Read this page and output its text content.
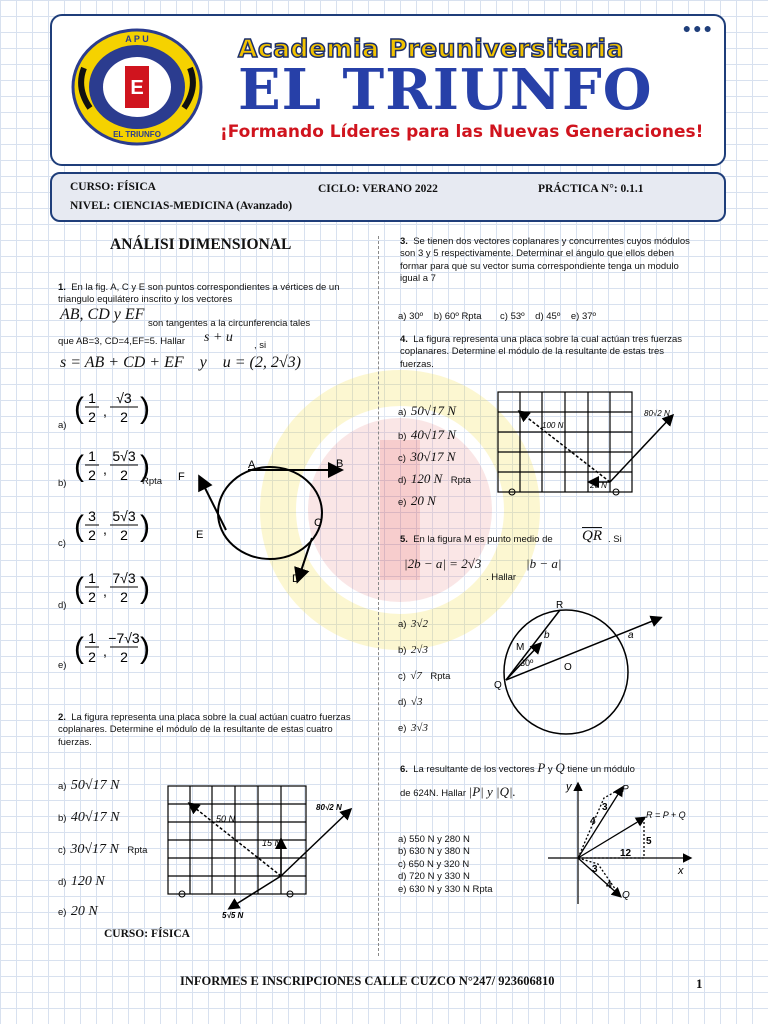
●●●
E
A P U
EL TRIUNFO
Academia Preuniversitaria
EL TRIUNFO
¡Formando Líderes para las Nuevas Generaciones!
CURSO: FÍSICA	CICLO: VERANO 2022	PRÁCTICA N°: 0.1.1
NIVEL: CIENCIAS-MEDICINA (Avanzado)
ANÁLISI DIMENSIONAL
1. En la fig. A, C y E son puntos correspondientes a vértices de un triangulo equilátero inscrito y los vectores
AB, CD y EF
son tangentes a la circunferencia tales
que AB=3, CD=4,EF=5. Hallar s + u
, si
s = AB + CD + EF    y    u = (2, 2√3)
a)
( 1
2 ,
√3
2 )
b)
( 1
2 ,
5√3
2 )
Rpta
c)
( 3
2 ,
5√3
2 )
d)
( 1
2 ,
7√3
2 )
e)
( 1
2 ,
−7√3
2 )
A	B
C
D
E
F
2. La figura representa una placa sobre la cual actúan cuatro fuerzas coplanares. Determine el módulo de la resultante de estas cuatro fuerzas.
a) 50√17 N
b) 40√17 N
c) 30√17 N Rpta
d) 120 N
e) 20 N
50 N
15 N
80√2 N
5√5 N
CURSO: FÍSICA
3. Se tienen dos vectores coplanares y concurrentes cuyos módulos son 3 y 5 respectivamente. Determinar el ángulo que ellos deben formar para que su vector suma correspondiente tenga un modulo igual a 7
a) 30º b) 60º Rpta c) 53º d) 45º e) 37º
4. La figura representa una placa sobre la cual actúan tres fuerzas coplanares. Determine el módulo de la resultante de estas tres fuerzas.
a) 50√17 N
b) 40√17 N
c) 30√17 N
d) 120 N Rpta
e) 20 N
100 N
80√2 N
20 N
5. En la figura M es punto medio de $\overline{QR}$ . Si
|2b − a| = 2√3
. Hallar
|b − a|
a) 3√2
b) 2√3
c) √7 Rpta
d) √3
e) 3√3
R
M
Q
O
a
b
30º
6. La resultante de los vectores P y Q tiene un módulo
de 624N. Hallar |P| y |Q|.
a) 550 N y 280 N
b) 630 N y 380 N
c) 650 N y 320 N
d) 720 N y 330 N
e) 630 N y 330 N Rpta
y
x
P
Q
R = P + Q
3
4
5
12
3
4
INFORMES E INSCRIPCIONES CALLE CUZCO N°247/ 923606810	1
